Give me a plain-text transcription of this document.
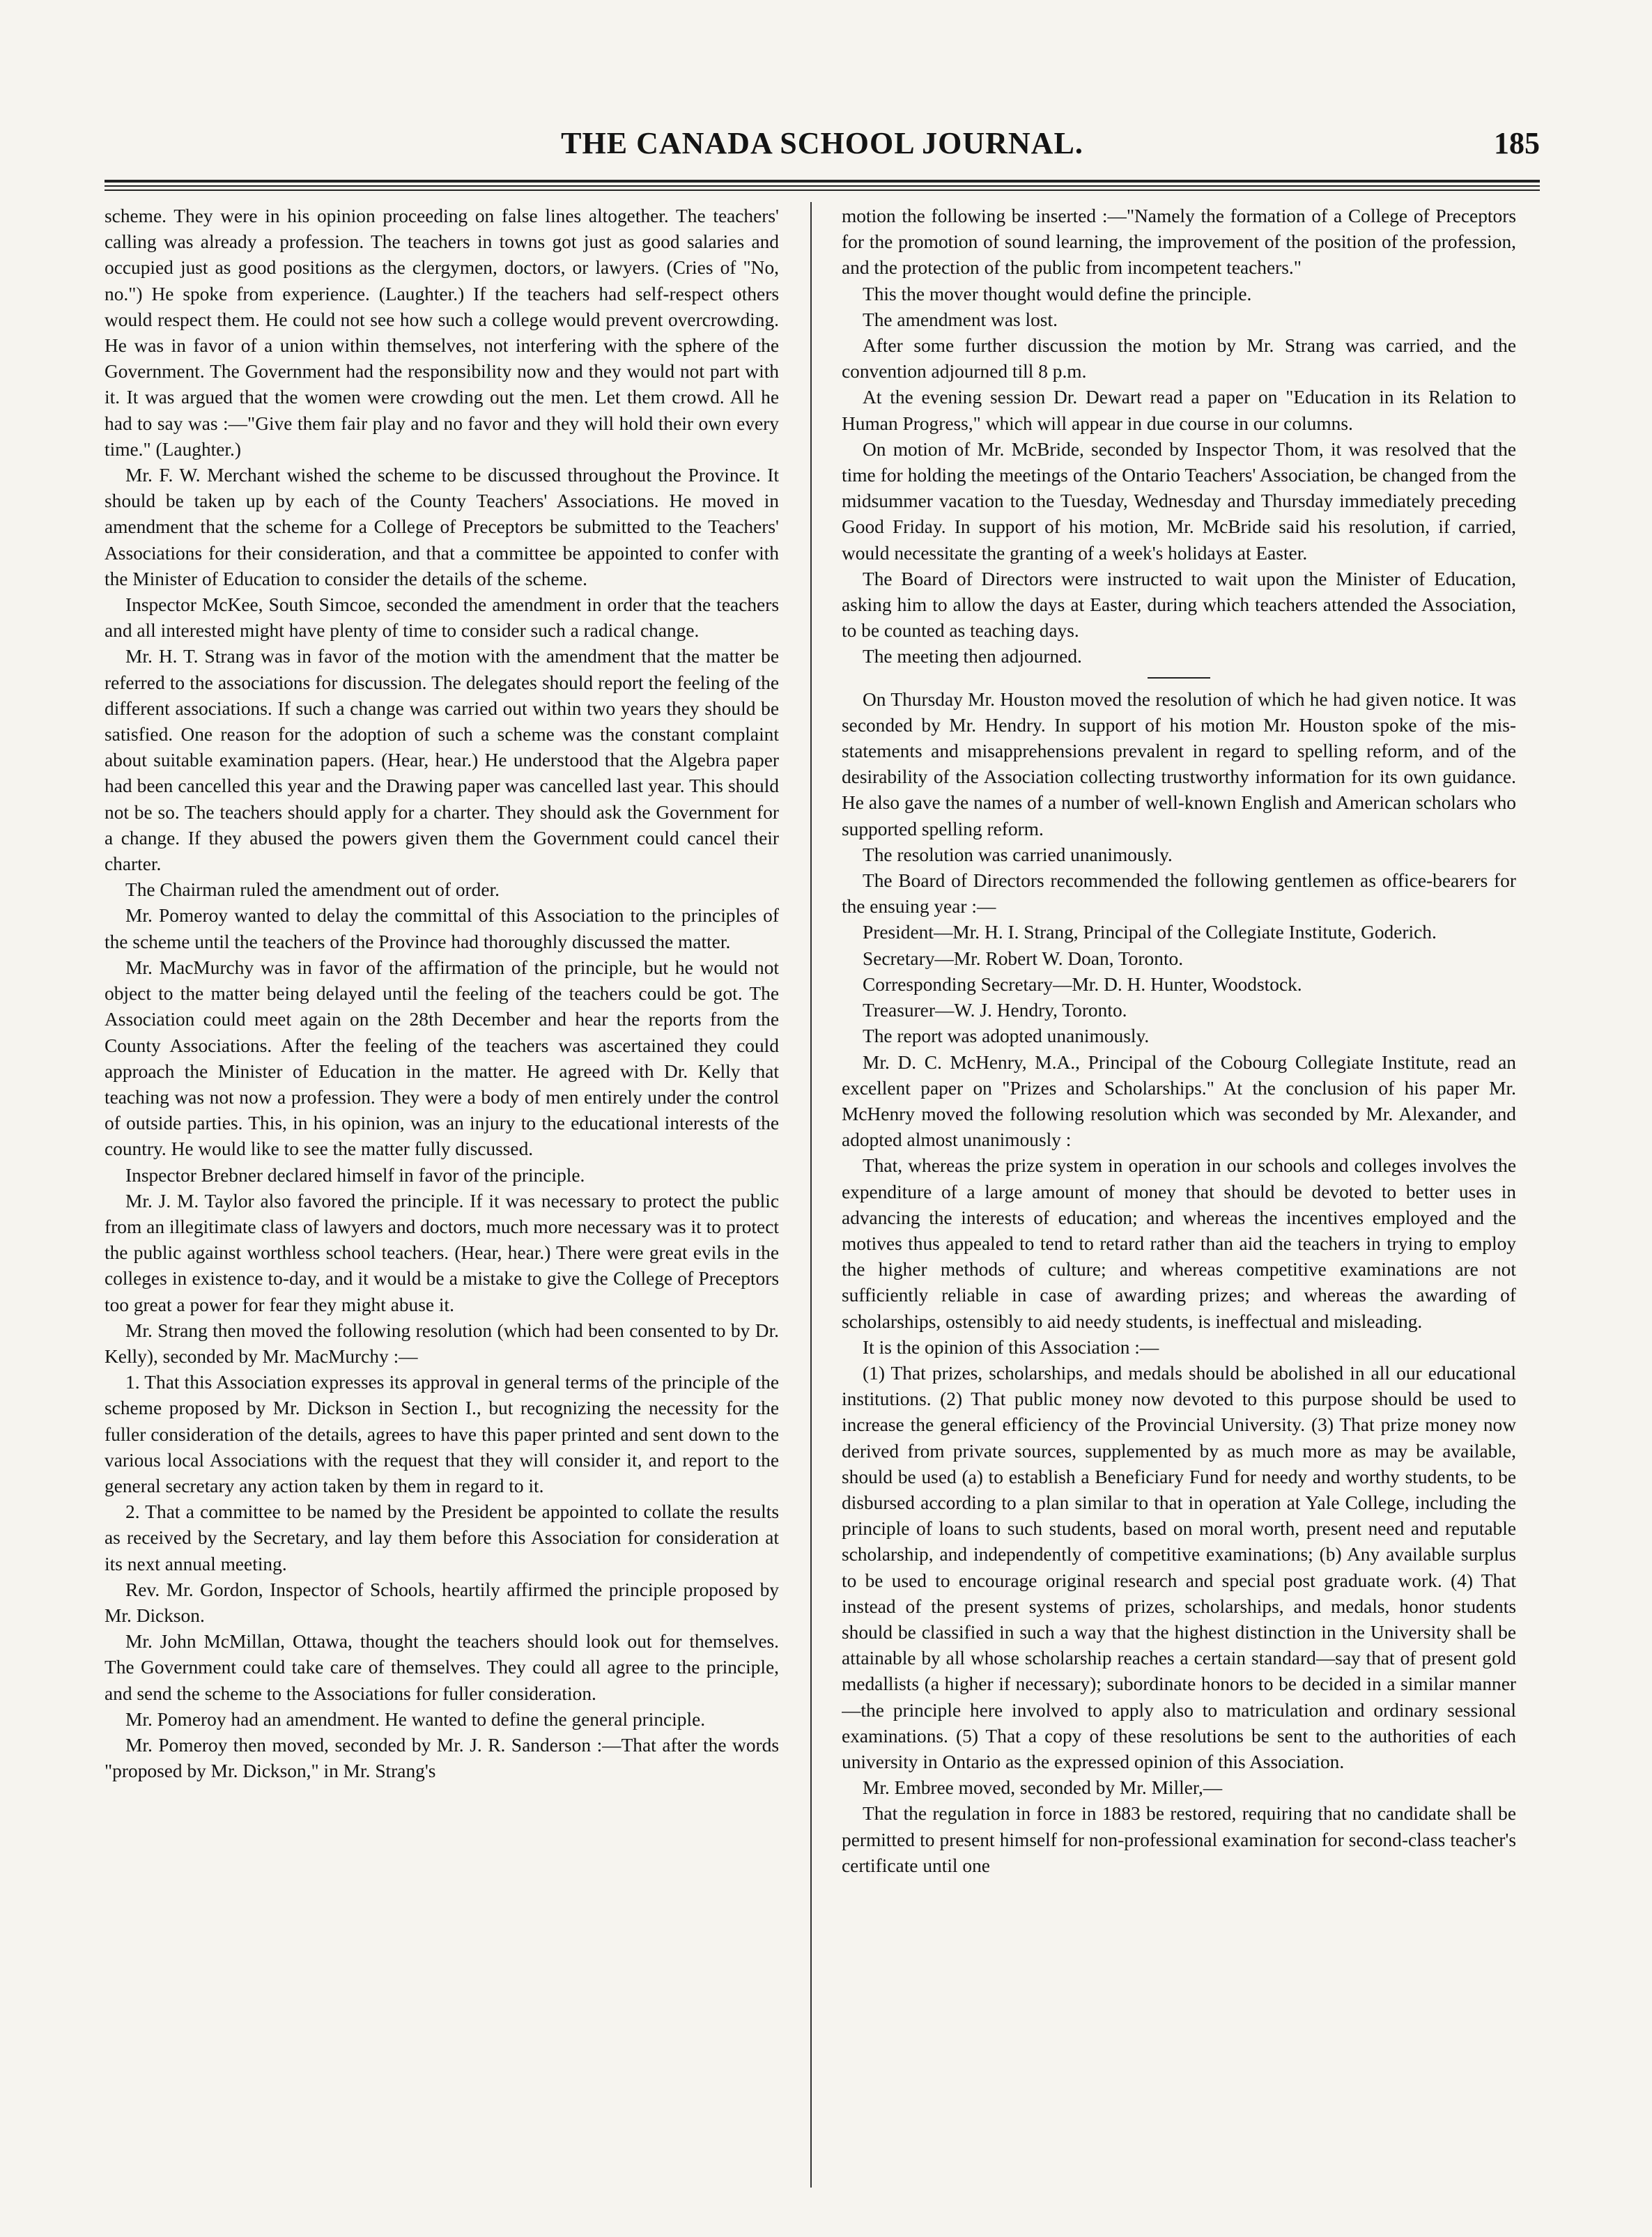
THE CANADA SCHOOL JOURNAL.	185

scheme. They were in his opinion proceeding on false lines altogether. The teachers' calling was already a profession. The teachers in towns got just as good salaries and occupied just as good positions as the clergymen, doctors, or lawyers. (Cries of "No, no.") He spoke from experience. (Laughter.) If the teachers had self-respect others would respect them. He could not see how such a college would prevent overcrowding. He was in favor of a union within themselves, not interfering with the sphere of the Government. The Government had the responsibility now and they would not part with it. It was argued that the women were crowding out the men. Let them crowd. All he had to say was :—"Give them fair play and no favor and they will hold their own every time." (Laughter.)

Mr. F. W. Merchant wished the scheme to be discussed throughout the Province. It should be taken up by each of the County Teachers' Associations. He moved in amendment that the scheme for a College of Preceptors be submitted to the Teachers' Associations for their consideration, and that a committee be appointed to confer with the Minister of Education to consider the details of the scheme.

Inspector McKee, South Simcoe, seconded the amendment in order that the teachers and all interested might have plenty of time to consider such a radical change.

Mr. H. T. Strang was in favor of the motion with the amendment that the matter be referred to the associations for discussion. The delegates should report the feeling of the different associations. If such a change was carried out within two years they should be satisfied. One reason for the adoption of such a scheme was the constant complaint about suitable examination papers. (Hear, hear.) He understood that the Algebra paper had been cancelled this year and the Drawing paper was cancelled last year. This should not be so. The teachers should apply for a charter. They should ask the Government for a change. If they abused the powers given them the Government could cancel their charter.

The Chairman ruled the amendment out of order.

Mr. Pomeroy wanted to delay the committal of this Association to the principles of the scheme until the teachers of the Province had thoroughly discussed the matter.

Mr. MacMurchy was in favor of the affirmation of the principle, but he would not object to the matter being delayed until the feeling of the teachers could be got. The Association could meet again on the 28th December and hear the reports from the County Associations. After the feeling of the teachers was ascertained they could approach the Minister of Education in the matter. He agreed with Dr. Kelly that teaching was not now a profession. They were a body of men entirely under the control of outside parties. This, in his opinion, was an injury to the educational interests of the country. He would like to see the matter fully discussed.

Inspector Brebner declared himself in favor of the principle.

Mr. J. M. Taylor also favored the principle. If it was necessary to protect the public from an illegitimate class of lawyers and doctors, much more necessary was it to protect the public against worthless school teachers. (Hear, hear.) There were great evils in the colleges in existence to-day, and it would be a mistake to give the College of Preceptors too great a power for fear they might abuse it.

Mr. Strang then moved the following resolution (which had been consented to by Dr. Kelly), seconded by Mr. MacMurchy :—

1. That this Association expresses its approval in general terms of the principle of the scheme proposed by Mr. Dickson in Section I., but recognizing the necessity for the fuller consideration of the details, agrees to have this paper printed and sent down to the various local Associations with the request that they will consider it, and report to the general secretary any action taken by them in regard to it.

2. That a committee to be named by the President be appointed to collate the results as received by the Secretary, and lay them before this Association for consideration at its next annual meeting.

Rev. Mr. Gordon, Inspector of Schools, heartily affirmed the principle proposed by Mr. Dickson.

Mr. John McMillan, Ottawa, thought the teachers should look out for themselves. The Government could take care of themselves. They could all agree to the principle, and send the scheme to the Associations for fuller consideration.

Mr. Pomeroy had an amendment. He wanted to define the general principle.

Mr. Pomeroy then moved, seconded by Mr. J. R. Sanderson :—That after the words "proposed by Mr. Dickson," in Mr. Strang's

motion the following be inserted :—"Namely the formation of a College of Preceptors for the promotion of sound learning, the improvement of the position of the profession, and the protection of the public from incompetent teachers."

This the mover thought would define the principle.

The amendment was lost.

After some further discussion the motion by Mr. Strang was carried, and the convention adjourned till 8 p.m.

At the evening session Dr. Dewart read a paper on "Education in its Relation to Human Progress," which will appear in due course in our columns.

On motion of Mr. McBride, seconded by Inspector Thom, it was resolved that the time for holding the meetings of the Ontario Teachers' Association, be changed from the midsummer vacation to the Tuesday, Wednesday and Thursday immediately preceding Good Friday. In support of his motion, Mr. McBride said his resolution, if carried, would necessitate the granting of a week's holidays at Easter.

The Board of Directors were instructed to wait upon the Minister of Education, asking him to allow the days at Easter, during which teachers attended the Association, to be counted as teaching days.

The meeting then adjourned.

On Thursday Mr. Houston moved the resolution of which he had given notice. It was seconded by Mr. Hendry. In support of his motion Mr. Houston spoke of the mis-statements and misapprehensions prevalent in regard to spelling reform, and of the desirability of the Association collecting trustworthy information for its own guidance. He also gave the names of a number of well-known English and American scholars who supported spelling reform.

The resolution was carried unanimously.

The Board of Directors recommended the following gentlemen as office-bearers for the ensuing year :—

President—Mr. H. I. Strang, Principal of the Collegiate Institute, Goderich.

Secretary—Mr. Robert W. Doan, Toronto.

Corresponding Secretary—Mr. D. H. Hunter, Woodstock.

Treasurer—W. J. Hendry, Toronto.

The report was adopted unanimously.

Mr. D. C. McHenry, M.A., Principal of the Cobourg Collegiate Institute, read an excellent paper on "Prizes and Scholarships." At the conclusion of his paper Mr. McHenry moved the following resolution which was seconded by Mr. Alexander, and adopted almost unanimously :

That, whereas the prize system in operation in our schools and colleges involves the expenditure of a large amount of money that should be devoted to better uses in advancing the interests of education; and whereas the incentives employed and the motives thus appealed to tend to retard rather than aid the teachers in trying to employ the higher methods of culture; and whereas competitive examinations are not sufficiently reliable in case of awarding prizes; and whereas the awarding of scholarships, ostensibly to aid needy students, is ineffectual and misleading.

It is the opinion of this Association :—

(1) That prizes, scholarships, and medals should be abolished in all our educational institutions. (2) That public money now devoted to this purpose should be used to increase the general efficiency of the Provincial University. (3) That prize money now derived from private sources, supplemented by as much more as may be available, should be used (a) to establish a Beneficiary Fund for needy and worthy students, to be disbursed according to a plan similar to that in operation at Yale College, including the principle of loans to such students, based on moral worth, present need and reputable scholarship, and independently of competitive examinations; (b) Any available surplus to be used to encourage original research and special post graduate work. (4) That instead of the present systems of prizes, scholarships, and medals, honor students should be classified in such a way that the highest distinction in the University shall be attainable by all whose scholarship reaches a certain standard—say that of present gold medallists (a higher if necessary); subordinate honors to be decided in a similar manner —the principle here involved to apply also to matriculation and ordinary sessional examinations. (5) That a copy of these resolutions be sent to the authorities of each university in Ontario as the expressed opinion of this Association.

Mr. Embree moved, seconded by Mr. Miller,—

That the regulation in force in 1883 be restored, requiring that no candidate shall be permitted to present himself for non-professional examination for second-class teacher's certificate until one
